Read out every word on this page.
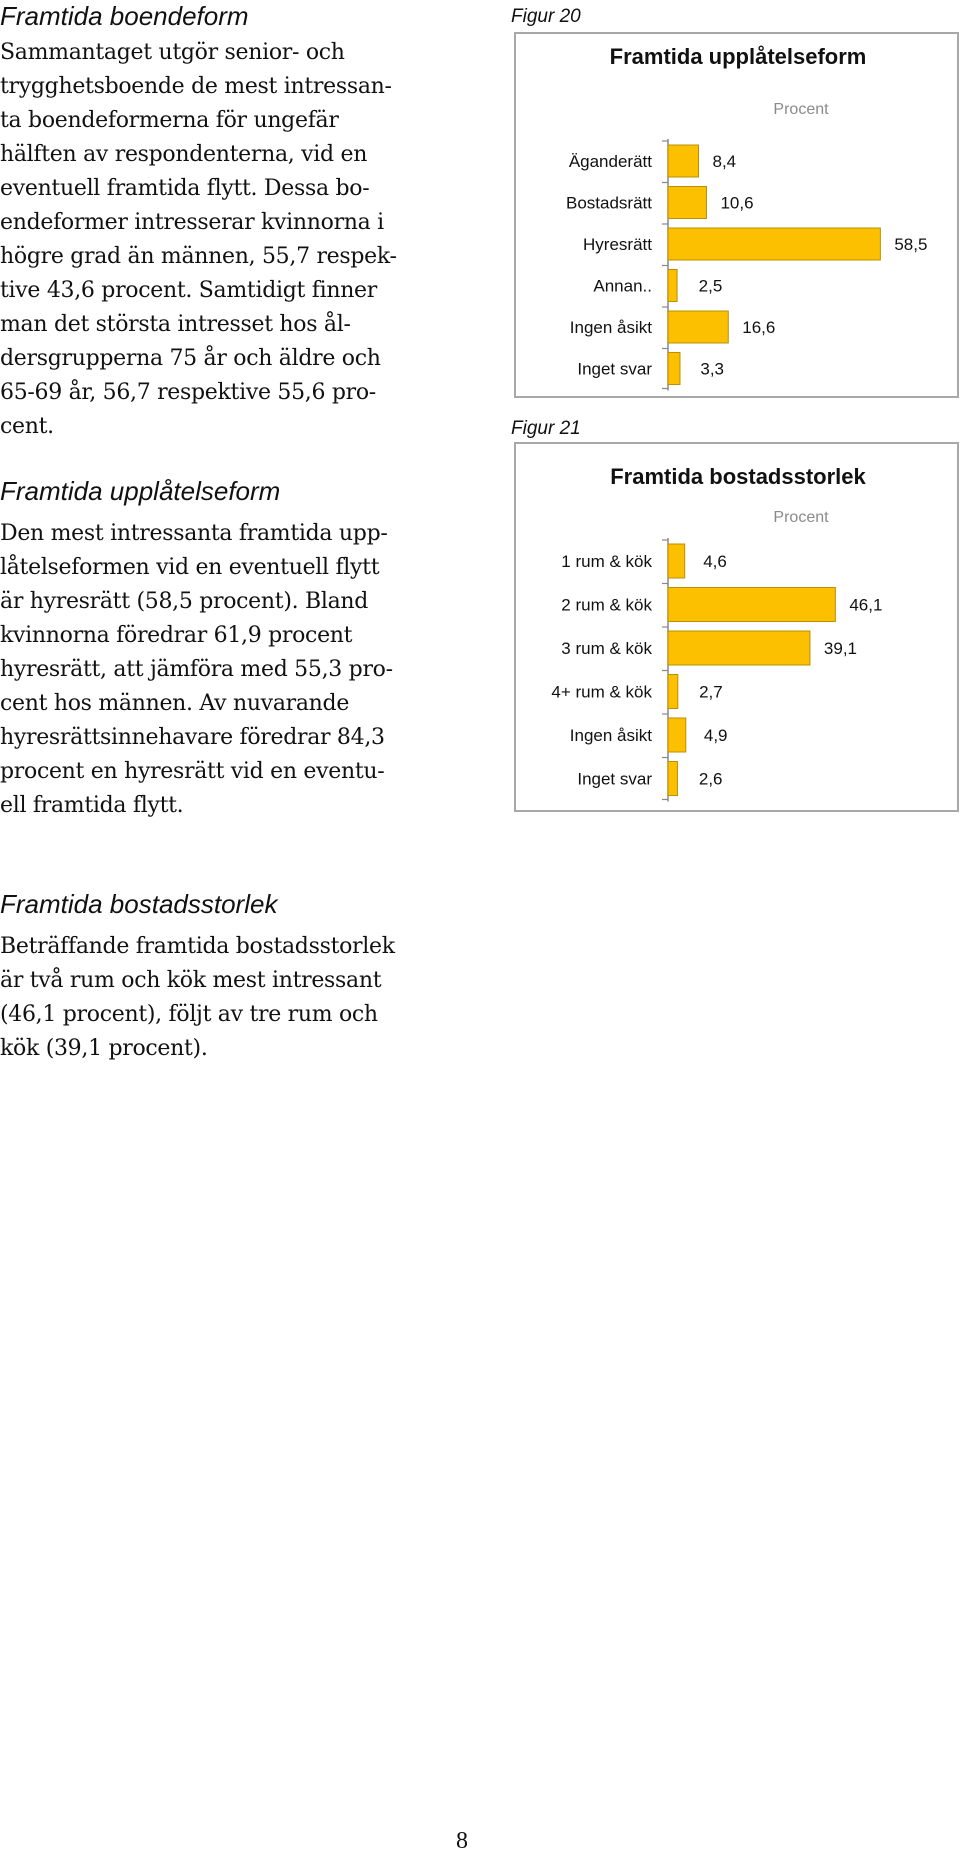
Framtida boendeform
Sammantaget utgör senior- och
trygghetsboende de mest intressan-
ta boendeformerna för ungefär
hälften av respondenterna, vid en
eventuell framtida flytt. Dessa bo-
endeformer intresserar kvinnorna i
högre grad än männen, 55,7 respek-
tive 43,6 procent. Samtidigt finner
man det största intresset hos ål-
dersgrupperna 75 år och äldre och
65-69 år, 56,7 respektive 55,6 pro-
cent.
Framtida upplåtelseform
Den mest intressanta framtida upp-
låtelseformen vid en eventuell flytt
är hyresrätt (58,5 procent). Bland
kvinnorna föredrar 61,9 procent
hyresrätt, att jämföra med 55,3 pro-
cent hos männen. Av nuvarande
hyresrättsinnehavare föredrar 84,3
procent en hyresrätt vid en eventu-
ell framtida flytt.
Framtida bostadsstorlek
Beträffande framtida bostadsstorlek
är två rum och kök mest intressant
(46,1 procent), följt av tre rum och
kök (39,1 procent).
Figur 20
Framtida upplåtelseform
Procent
Äganderätt	8,4
Bostadsrätt	10,6
Hyresrätt	58,5
Annan..	2,5
Ingen åsikt	16,6
Inget svar	3,3
Figur 21
Framtida bostadsstorlek
Procent
1 rum & kök	4,6
2 rum & kök	46,1
3 rum & kök	39,1
4+ rum & kök	2,7
Ingen åsikt	4,9
Inget svar	2,6
8
